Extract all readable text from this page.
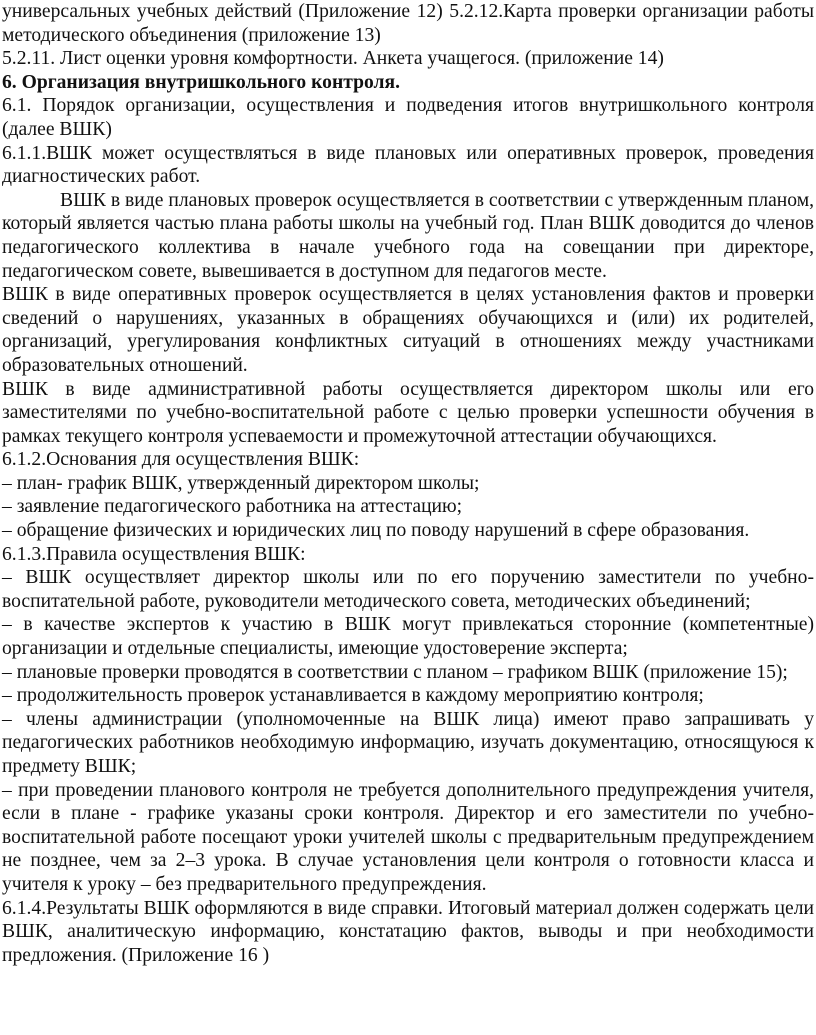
универсальных учебных действий (Приложение 12) 5.2.12.Карта проверки организации работы методического объединения (приложение 13)

5.2.11. Лист оценки уровня комфортности. Анкета учащегося. (приложение 14)

6. Организация внутришкольного контроля.

6.1. Порядок организации, осуществления и подведения итогов внутришкольного контроля (далее ВШК)

6.1.1.ВШК может осуществляться в виде плановых или оперативных проверок, проведения диагностических работ.

ВШК в виде плановых проверок осуществляется в соответствии с утвержденным планом, который является частью плана работы школы на учебный год. План ВШК доводится до членов педагогического коллектива в начале учебного года на совещании при директоре, педагогическом совете, вывешивается в доступном для педагогов месте.

ВШК в виде оперативных проверок осуществляется в целях установления фактов и проверки сведений о нарушениях, указанных в обращениях обучающихся и (или) их родителей, организаций, урегулирования конфликтных ситуаций в отношениях между участниками образовательных отношений.

ВШК в виде административной работы осуществляется директором школы или его заместителями по учебно-воспитательной работе с целью проверки успешности обучения в рамках текущего контроля успеваемости и промежуточной аттестации обучающихся.

6.1.2.Основания для осуществления ВШК:

– план- график ВШК, утвержденный директором школы;

– заявление педагогического работника на аттестацию;

– обращение физических и юридических лиц по поводу нарушений в сфере образования.

6.1.3.Правила осуществления ВШК:

– ВШК осуществляет директор школы или по его поручению заместители по учебно-воспитательной работе, руководители методического совета, методических объединений;

– в качестве экспертов к участию в ВШК могут привлекаться сторонние (компетентные) организации и отдельные специалисты, имеющие удостоверение эксперта;

– плановые проверки проводятся в соответствии с планом – графиком ВШК (приложение 15);

– продолжительность проверок устанавливается в каждому мероприятию контроля;

– члены администрации (уполномоченные на ВШК лица) имеют право запрашивать у педагогических работников необходимую информацию, изучать документацию, относящуюся к предмету ВШК;

– при проведении планового контроля не требуется дополнительного предупреждения учителя, если в плане - графике указаны сроки контроля. Директор и его заместители по учебно-воспитательной работе посещают уроки учителей школы с предварительным предупреждением не позднее, чем за 2–3 урока. В случае установления цели контроля о готовности класса и учителя к уроку – без предварительного предупреждения.

6.1.4.Результаты ВШК оформляются в виде справки. Итоговый материал должен содержать цели ВШК, аналитическую информацию, констатацию фактов, выводы и при необходимости предложения. (Приложение 16 )
